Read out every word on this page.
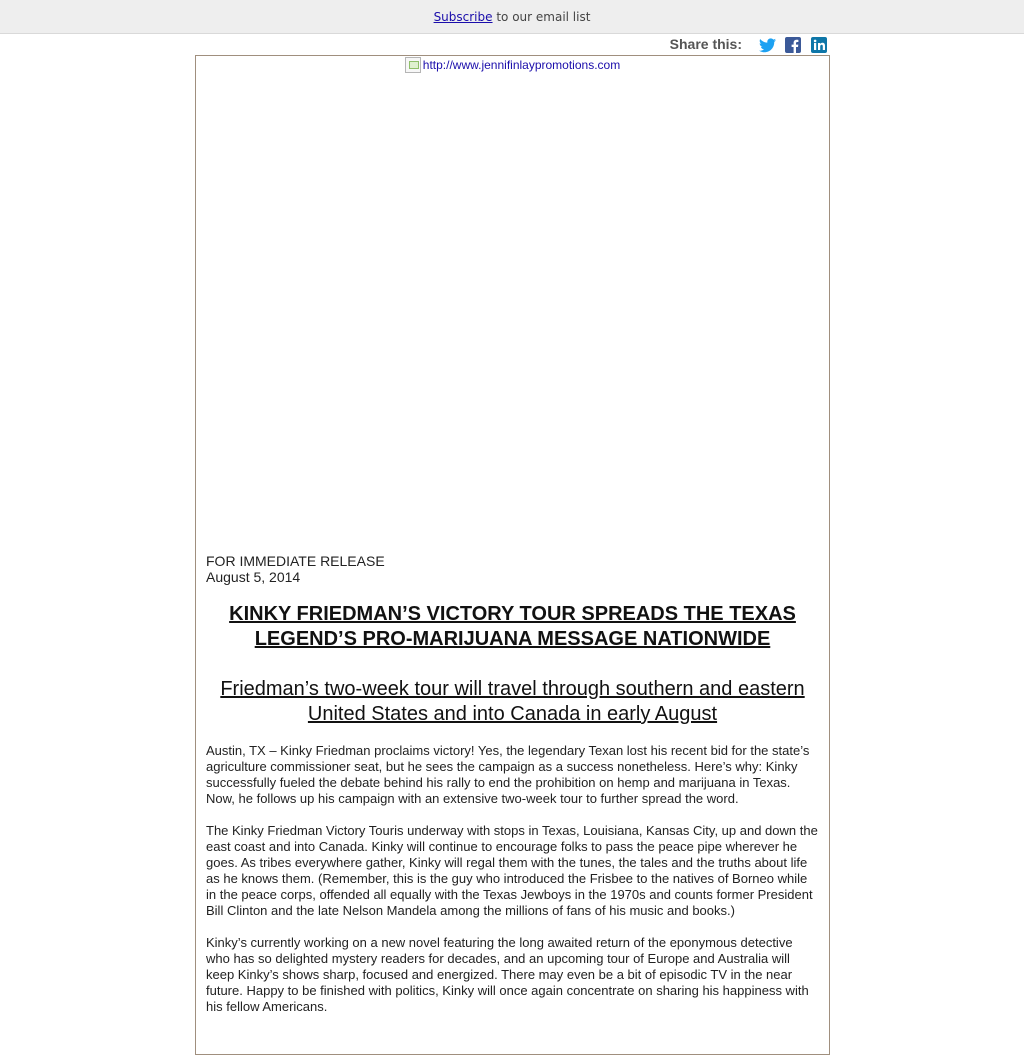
Subscribe to our email list
Share this:
http://www.jennifinlaypromotions.com
FOR IMMEDIATE RELEASE
August 5, 2014
KINKY FRIEDMAN’S VICTORY TOUR SPREADS THE TEXAS LEGEND’S PRO-MARIJUANA MESSAGE NATIONWIDE
Friedman’s two-week tour will travel through southern and eastern United States and into Canada in early August
Austin, TX – Kinky Friedman proclaims victory! Yes, the legendary Texan lost his recent bid for the state’s agriculture commissioner seat, but he sees the campaign as a success nonetheless. Here’s why: Kinky successfully fueled the debate behind his rally to end the prohibition on hemp and marijuana in Texas. Now, he follows up his campaign with an extensive two-week tour to further spread the word.
The Kinky Friedman Victory Touris underway with stops in Texas, Louisiana, Kansas City, up and down the east coast and into Canada. Kinky will continue to encourage folks to pass the peace pipe wherever he goes. As tribes everywhere gather, Kinky will regal them with the tunes, the tales and the truths about life as he knows them. (Remember, this is the guy who introduced the Frisbee to the natives of Borneo while in the peace corps, offended all equally with the Texas Jewboys in the 1970s and counts former President Bill Clinton and the late Nelson Mandela among the millions of fans of his music and books.)
Kinky’s currently working on a new novel featuring the long awaited return of the eponymous detective who has so delighted mystery readers for decades, and an upcoming tour of Europe and Australia will keep Kinky’s shows sharp, focused and energized. There may even be a bit of episodic TV in the near future. Happy to be finished with politics, Kinky will once again concentrate on sharing his happiness with his fellow Americans.
